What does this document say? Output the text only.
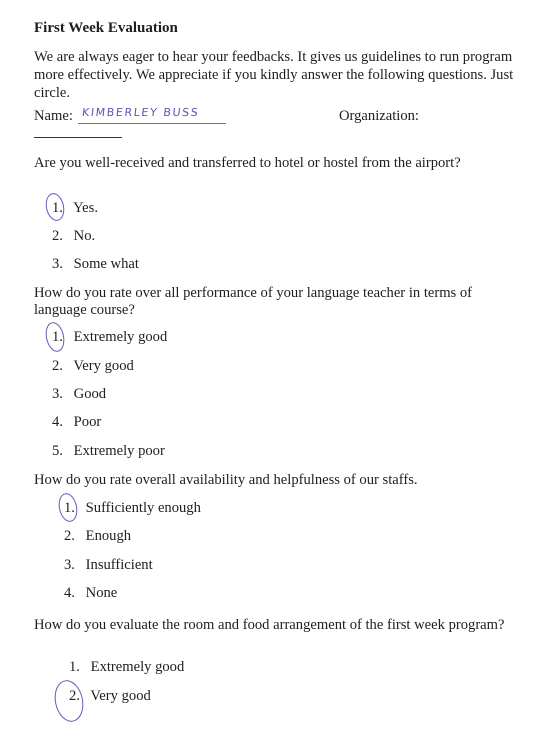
First Week Evaluation
We are always eager to hear your feedbacks. It gives us guidelines to run program more effectively. We appreciate if you kindly answer the following questions. Just circle.
Name: KIMBERLEY BUSS	Organization:
Are you well-received and transferred to hotel or hostel from the airport?
1. Yes.
2. No.
3. Some what
How do you rate over all performance of your language teacher in terms of language course?
1. Extremely good
2. Very good
3. Good
4. Poor
5. Extremely poor
How do you rate overall availability and helpfulness of our staffs.
1. Sufficiently enough
2. Enough
3. Insufficient
4. None
How do you evaluate the room and food arrangement of the first week program?
1. Extremely good
2. Very good
